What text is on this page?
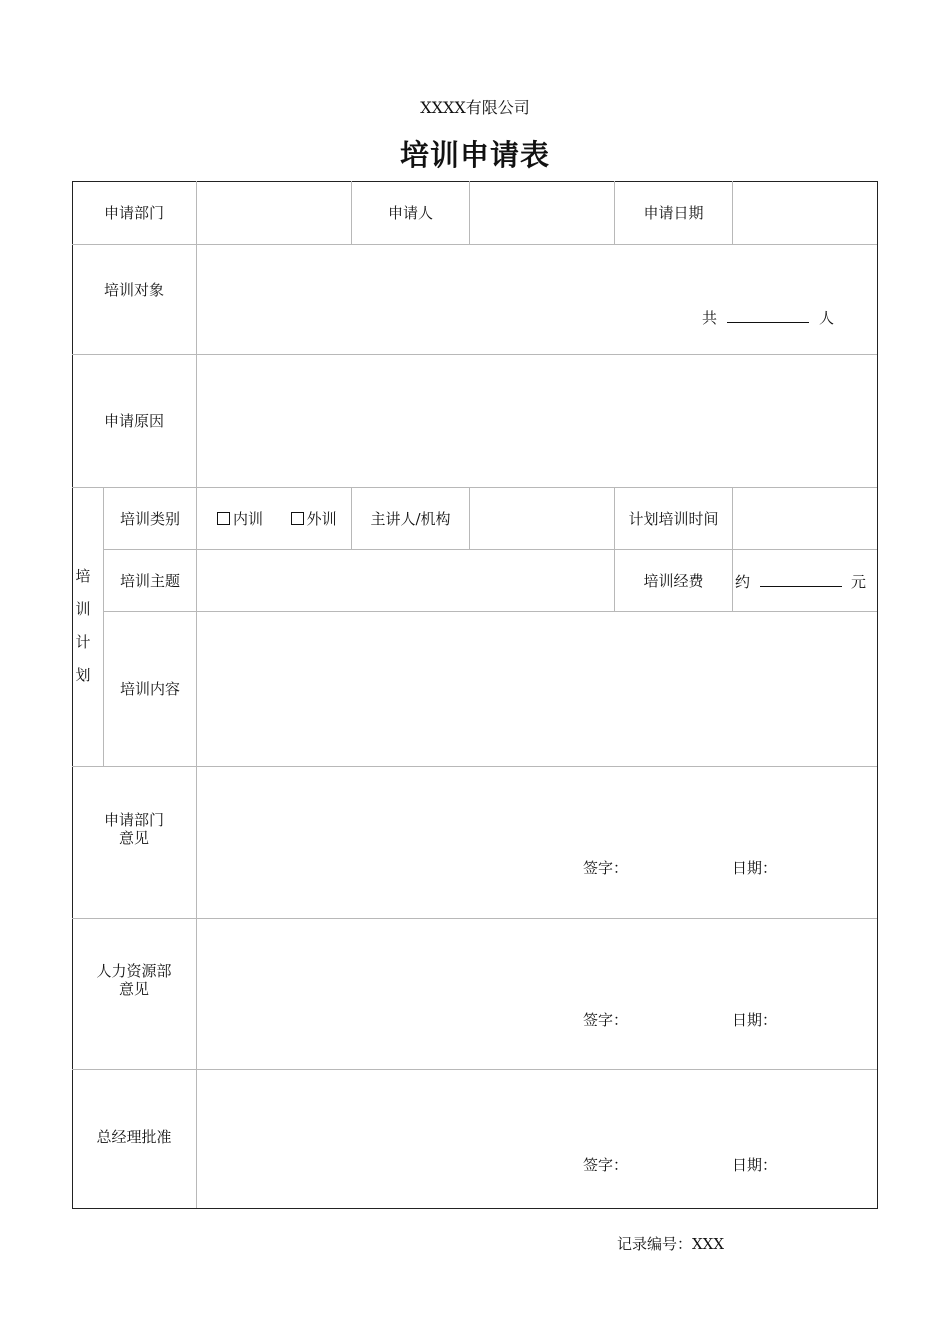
XXXX有限公司
培训申请表
申请部门	申请人	申请日期
培训对象
共	人
申请原因
培
训
计
划
培训类别	内训	外训	主讲人/机构	计划培训时间
培训主题	培训经费	约	元
培训内容
申请部门
意见
签字：	日期：
人力资源部
意见
签字：	日期：
总经理批准
签字：	日期：
记录编号：XXX
